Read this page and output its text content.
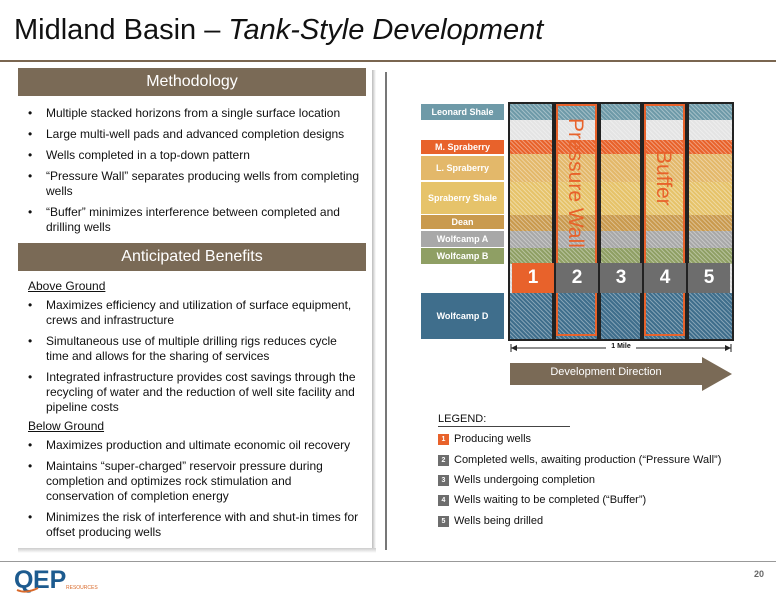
Midland Basin – Tank-Style Development
Methodology
• Multiple stacked horizons from a single surface location
• Large multi-well pads and advanced completion designs
• Wells completed in a top-down pattern
• “Pressure Wall” separates producing wells from completing wells
• “Buffer” minimizes interference between completed and drilling wells
Anticipated Benefits
Above Ground
• Maximizes efficiency and utilization of surface equipment, crews and infrastructure
• Simultaneous use of multiple drilling rigs reduces cycle time and allows for the sharing of services
• Integrated infrastructure provides cost savings through the recycling of water and the reduction of well site facility and pipeline costs
Below Ground
• Maximizes production and ultimate economic oil recovery
• Maintains “super-charged” reservoir pressure during completion and optimizes rock stimulation and conservation of completion energy
• Minimizes the risk of interference with and shut-in times for offset producing wells
Leonard Shale
M. Spraberry
L. Spraberry
Spraberry Shale
Dean
Wolfcamp A
Wolfcamp B
Wolfcamp D
Pressure Wall	Buffer
1	2	3	4	5
1 Mile
Development Direction
LEGEND:
1 Producing wells
2 Completed wells, awaiting production (“Pressure Wall”)
3 Wells undergoing completion
4 Wells waiting to be completed (“Buffer”)
5 Wells being drilled
Q EP RESOURCES
20
